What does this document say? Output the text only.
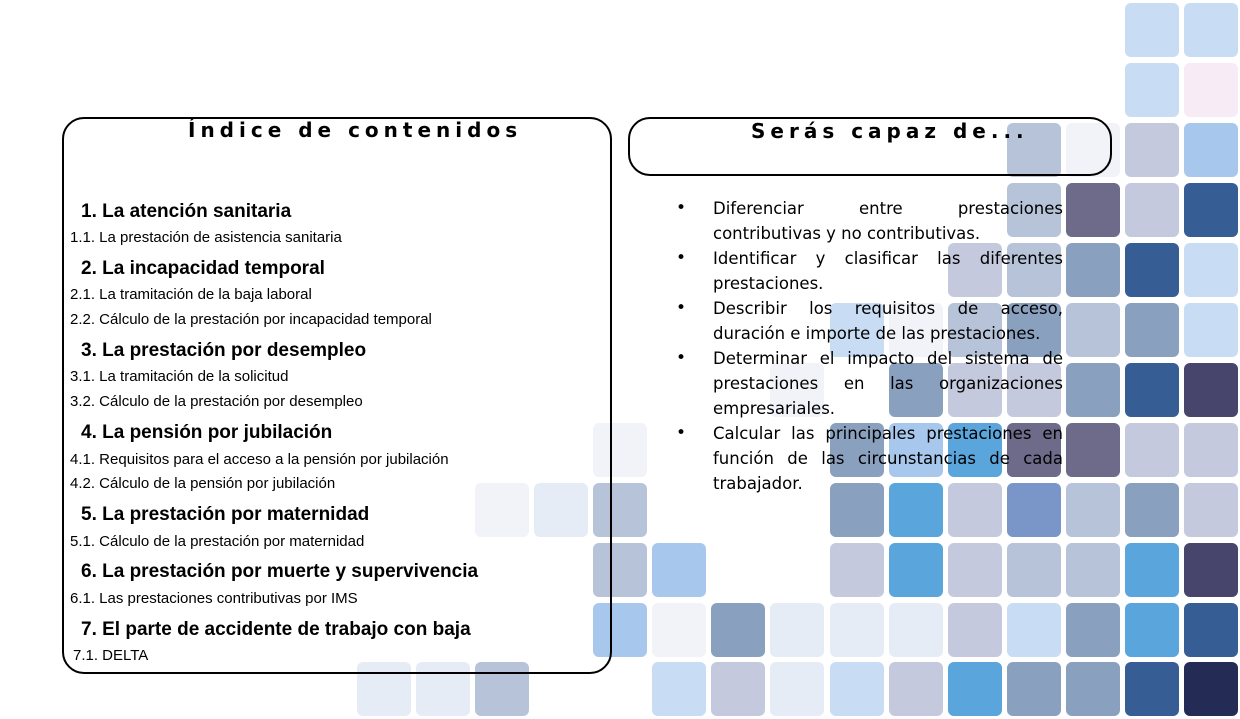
Índice de contenidos
1. La atención sanitaria
1.1. La prestación de asistencia sanitaria
2. La incapacidad temporal
2.1. La tramitación de la baja laboral
2.2. Cálculo de la prestación por incapacidad temporal
3. La prestación por desempleo
3.1. La tramitación de la solicitud
3.2. Cálculo de la prestación por desempleo
4. La pensión por jubilación
4.1. Requisitos para el acceso a la pensión por jubilación
4.2. Cálculo de la pensión por jubilación
5. La prestación por maternidad
5.1. Cálculo de la prestación por maternidad
6. La prestación por muerte y supervivencia
6.1. Las prestaciones contributivas por IMS
7. El parte de accidente de trabajo con baja
7.1. DELTA
Serás capaz de...
• Diferenciar entre prestaciones contributivas y no contributivas.
• Identificar y clasificar las diferentes prestaciones.
• Describir los requisitos de acceso, duración e importe de las prestaciones.
• Determinar el impacto del sistema de prestaciones en las organizaciones empresariales.
• Calcular las principales prestaciones en función de las circunstancias de cada trabajador.
